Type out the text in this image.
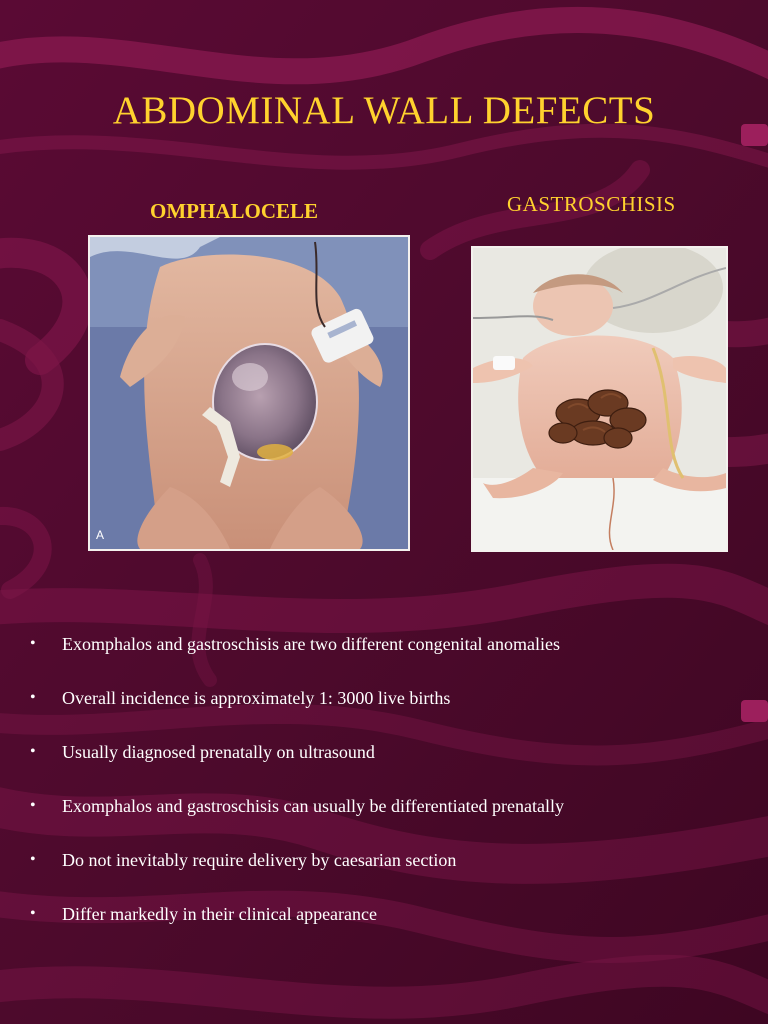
ABDOMINAL WALL DEFECTS
OMPHALOCELE	GASTROSCHISIS
A
• Exomphalos and gastroschisis are two different congenital anomalies
• Overall incidence is approximately 1: 3000 live births
• Usually diagnosed prenatally on ultrasound
• Exomphalos and gastroschisis can usually be differentiated prenatally
• Do not inevitably require delivery by caesarian section
• Differ markedly in their clinical appearance
